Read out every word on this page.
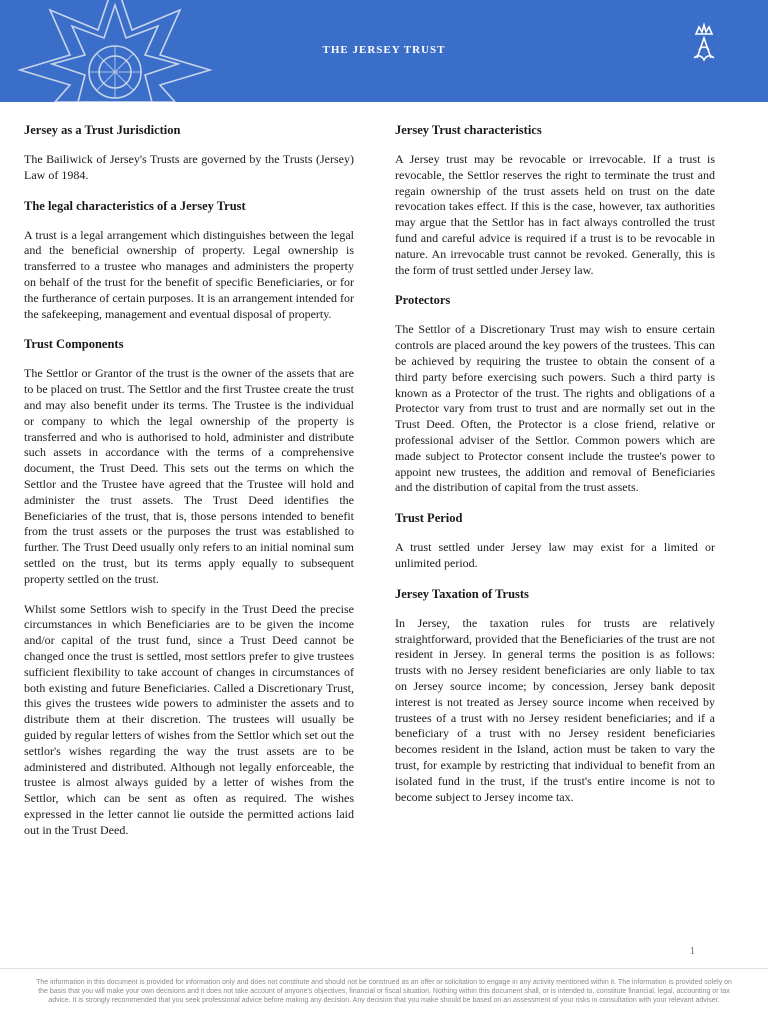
THE JERSEY TRUST
Jersey as a Trust Jurisdiction

The Bailiwick of Jersey's Trusts are governed by the Trusts (Jersey) Law of 1984.

The legal characteristics of a Jersey Trust

A trust is a legal arrangement which distinguishes between the legal and the beneficial ownership of property. Legal ownership is transferred to a trustee who manages and administers the property on behalf of the trust for the benefit of specific Beneficiaries, or for the furtherance of certain purposes. It is an arrangement intended for the safekeeping, management and eventual disposal of property.

Trust Components

The Settlor or Grantor of the trust is the owner of the assets that are to be placed on trust. The Settlor and the first Trustee create the trust and may also benefit under its terms. The Trustee is the individual or company to which the legal ownership of the property is transferred and who is authorised to hold, administer and distribute such assets in accordance with the terms of a comprehensive document, the Trust Deed. This sets out the terms on which the Settlor and the Trustee have agreed that the Trustee will hold and administer the trust assets. The Trust Deed identifies the Beneficiaries of the trust, that is, those persons intended to benefit from the trust assets or the purposes the trust was established to further. The Trust Deed usually only refers to an initial nominal sum settled on the trust, but its terms apply equally to subsequent property settled on the trust.

Whilst some Settlors wish to specify in the Trust Deed the precise circumstances in which Beneficiaries are to be given the income and/or capital of the trust fund, since a Trust Deed cannot be changed once the trust is settled, most settlors prefer to give trustees sufficient flexibility to take account of changes in circumstances of both existing and future Beneficiaries. Called a Discretionary Trust, this gives the trustees wide powers to administer the assets and to distribute them at their discretion. The trustees will usually be guided by regular letters of wishes from the Settlor which set out the settlor's wishes regarding the way the trust assets are to be administered and distributed. Although not legally enforceable, the trustee is almost always guided by a letter of wishes from the Settlor, which can be sent as often as required. The wishes expressed in the letter cannot lie outside the permitted actions laid out in the Trust Deed.

Jersey Trust characteristics

A Jersey trust may be revocable or irrevocable. If a trust is revocable, the Settlor reserves the right to terminate the trust and regain ownership of the trust assets held on trust on the date revocation takes effect. If this is the case, however, tax authorities may argue that the Settlor has in fact always controlled the trust fund and careful advice is required if a trust is to be revocable in nature. An irrevocable trust cannot be revoked. Generally, this is the form of trust settled under Jersey law.

Protectors

The Settlor of a Discretionary Trust may wish to ensure certain controls are placed around the key powers of the trustees. This can be achieved by requiring the trustee to obtain the consent of a third party before exercising such powers. Such a third party is known as a Protector of the trust. The rights and obligations of a Protector vary from trust to trust and are normally set out in the Trust Deed. Often, the Protector is a close friend, relative or professional adviser of the Settlor. Common powers which are made subject to Protector consent include the trustee's power to appoint new trustees, the addition and removal of Beneficiaries and the distribution of capital from the trust assets.

Trust Period

A trust settled under Jersey law may exist for a limited or unlimited period.

Jersey Taxation of Trusts

In Jersey, the taxation rules for trusts are relatively straightforward, provided that the Beneficiaries of the trust are not resident in Jersey. In general terms the position is as follows: trusts with no Jersey resident beneficiaries are only liable to tax on Jersey source income; by concession, Jersey bank deposit interest is not treated as Jersey source income when received by trustees of a trust with no Jersey resident beneficiaries; and if a beneficiary of a trust with no Jersey resident beneficiaries becomes resident in the Island, action must be taken to vary the trust, for example by restricting that individual to benefit from an isolated fund in the trust, if the trust's entire income is not to become subject to Jersey income tax.

1
The information in this document is provided for information only and does not constitute and should not be construed as an offer or solicitation to engage in any activity mentioned within it. The information is provided solely on the basis that you will make your own decisions and it does not take account of anyone's objectives, financial or fiscal situation. Nothing within this document shall, or is intended to, constitute financial, legal, accounting or tax advice. It is strongly recommended that you seek professional advice before making any decision. Any decision that you make should be based on an assessment of your risks in consultation with your relevant adviser.
